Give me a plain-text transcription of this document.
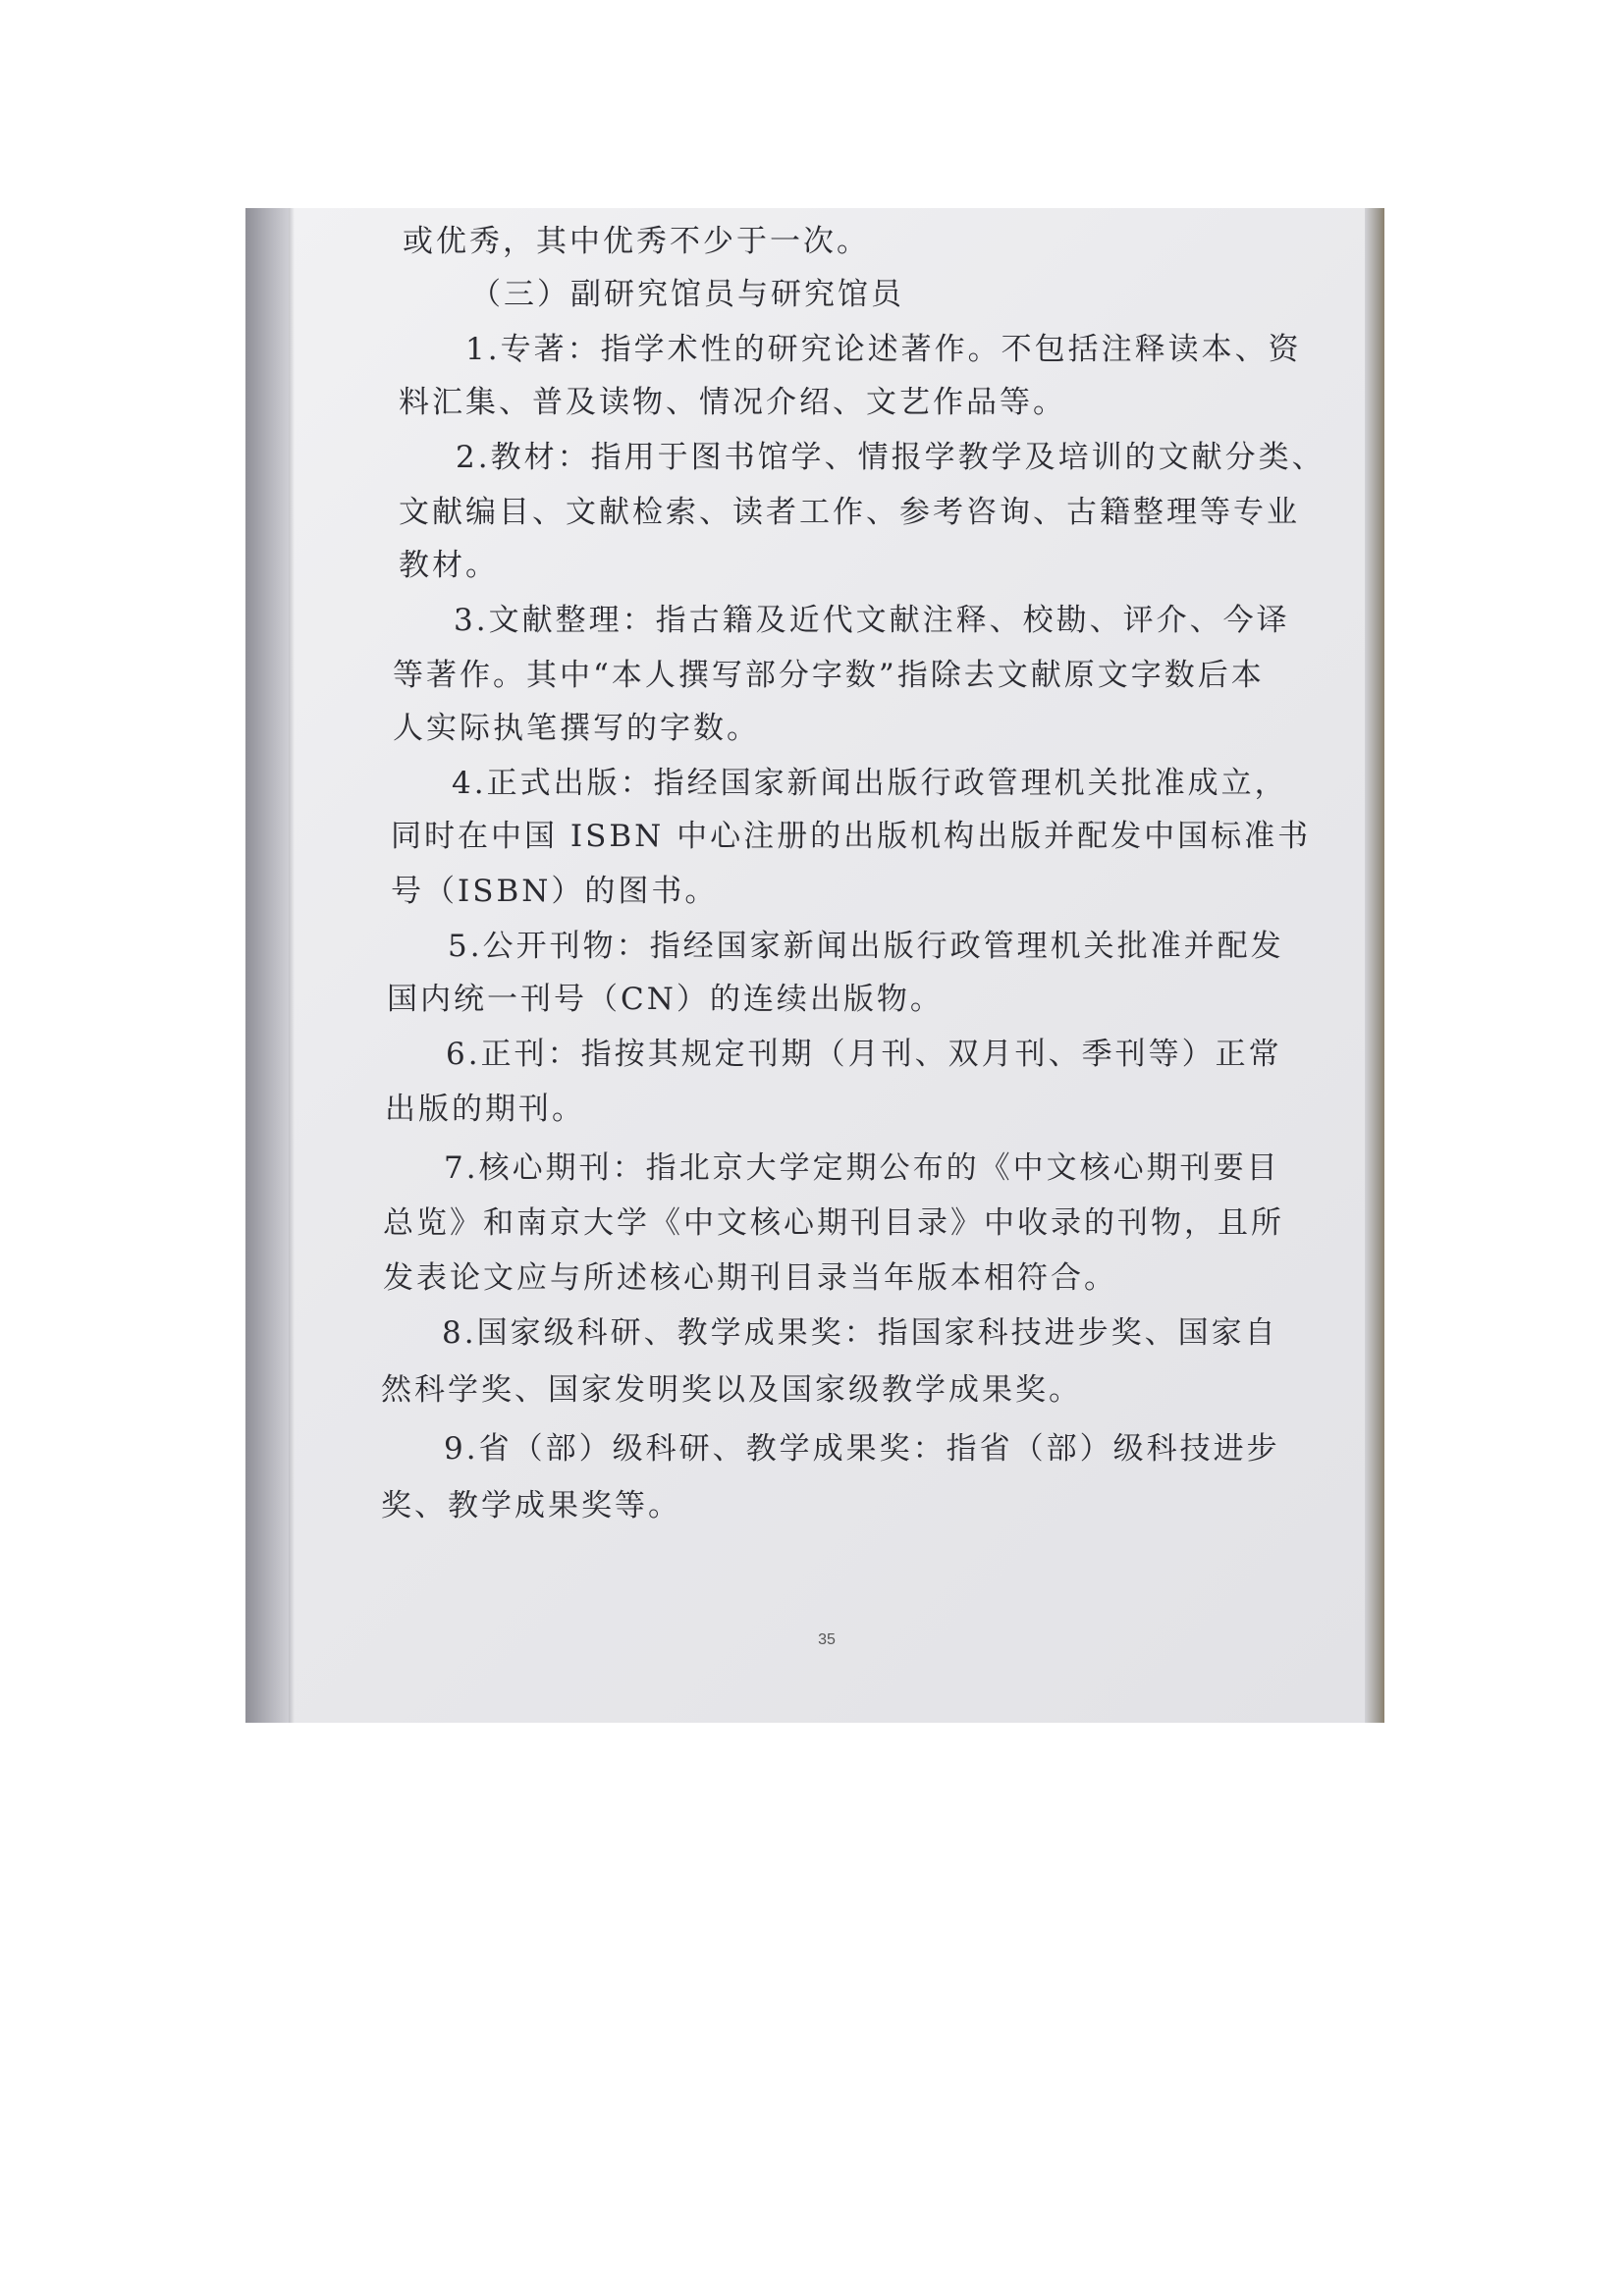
或优秀，其中优秀不少于一次。
（三）副研究馆员与研究馆员
1.专著：指学术性的研究论述著作。不包括注释读本、资
料汇集、普及读物、情况介绍、文艺作品等。
2.教材：指用于图书馆学、情报学教学及培训的文献分类、
文献编目、文献检索、读者工作、参考咨询、古籍整理等专业
教材。
3.文献整理：指古籍及近代文献注释、校勘、评介、今译
等著作。其中“本人撰写部分字数”指除去文献原文字数后本
人实际执笔撰写的字数。
4.正式出版：指经国家新闻出版行政管理机关批准成立，
同时在中国 ISBN 中心注册的出版机构出版并配发中国标准书
号（ISBN）的图书。
5.公开刊物：指经国家新闻出版行政管理机关批准并配发
国内统一刊号（CN）的连续出版物。
6.正刊：指按其规定刊期（月刊、双月刊、季刊等）正常
出版的期刊。
7.核心期刊：指北京大学定期公布的《中文核心期刊要目
总览》和南京大学《中文核心期刊目录》中收录的刊物，且所
发表论文应与所述核心期刊目录当年版本相符合。
8.国家级科研、教学成果奖：指国家科技进步奖、国家自
然科学奖、国家发明奖以及国家级教学成果奖。
9.省（部）级科研、教学成果奖：指省（部）级科技进步
奖、教学成果奖等。
35
